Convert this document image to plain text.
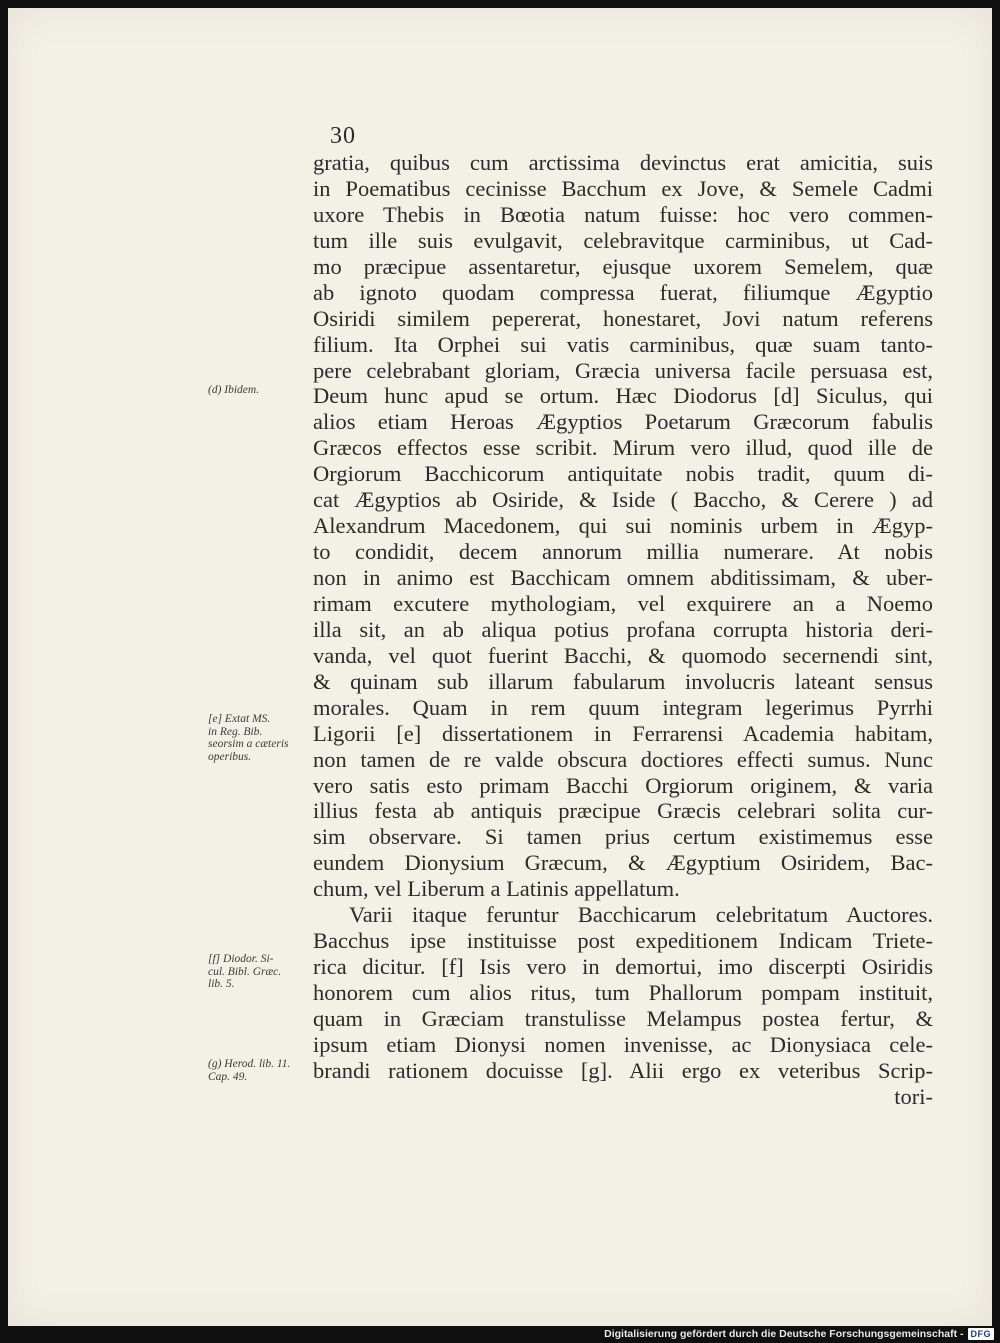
30
gratia, quibus cum arctissima devinctus erat amicitia, suis
in Poematibus cecinisse Bacchum ex Jove, & Semele Cadmi
uxore Thebis in Bœotia natum fuisse: hoc vero commen-
tum ille suis evulgavit, celebravitque carminibus, ut Cad-
mo præcipue assentaretur, ejusque uxorem Semelem, quæ
ab ignoto quodam compressa fuerat, filiumque Ægyptio
Osiridi similem pepererat, honestaret, Jovi natum referens
filium. Ita Orphei sui vatis carminibus, quæ suam tanto-
pere celebrabant gloriam, Græcia universa facile persuasa est,
Deum hunc apud se ortum. Hæc Diodorus [d] Siculus, qui
alios etiam Heroas Ægyptios Poetarum Græcorum fabulis
Græcos effectos esse scribit. Mirum vero illud, quod ille de
Orgiorum Bacchicorum antiquitate nobis tradit, quum di-
cat Ægyptios ab Osiride, & Iside ( Baccho, & Cerere ) ad
Alexandrum Macedonem, qui sui nominis urbem in Ægyp-
to condidit, decem annorum millia numerare. At nobis
non in animo est Bacchicam omnem abditissimam, & uber-
rimam excutere mythologiam, vel exquirere an a Noemo
illa sit, an ab aliqua potius profana corrupta historia deri-
vanda, vel quot fuerint Bacchi, & quomodo secernendi sint,
& quinam sub illarum fabularum involucris lateant sensus
morales. Quam in rem quum integram legerimus Pyrrhi
Ligorii [e] dissertationem in Ferrarensi Academia habitam,
non tamen de re valde obscura doctiores effecti sumus. Nunc
vero satis esto primam Bacchi Orgiorum originem, & varia
illius festa ab antiquis præcipue Græcis celebrari solita cur-
sim observare. Si tamen prius certum existimemus esse
eundem Dionysium Græcum, & Ægyptium Osiridem, Bac-
chum, vel Liberum a Latinis appellatum.
Varii itaque feruntur Bacchicarum celebritatum Auctores.
Bacchus ipse instituisse post expeditionem Indicam Triete-
rica dicitur. [f] Isis vero in demortui, imo discerpti Osiridis
honorem cum alios ritus, tum Phallorum pompam instituit,
quam in Græciam transtulisse Melampus postea fertur, &
ipsum etiam Dionysi nomen invenisse, ac Dionysiaca cele-
brandi rationem docuisse [g]. Alii ergo ex veteribus Scrip-
tori-
(d) Ibidem.
[e] Extat MS.
in Reg. Bib.
seorsim a cæteris
operibus.
[f] Diodor. Si-
cul. Bibl. Græc.
lib. 5.
(g) Herod. lib. 11.
Cap. 49.
Digitalisierung gefördert durch die Deutsche Forschungsgemeinschaft - DFG
